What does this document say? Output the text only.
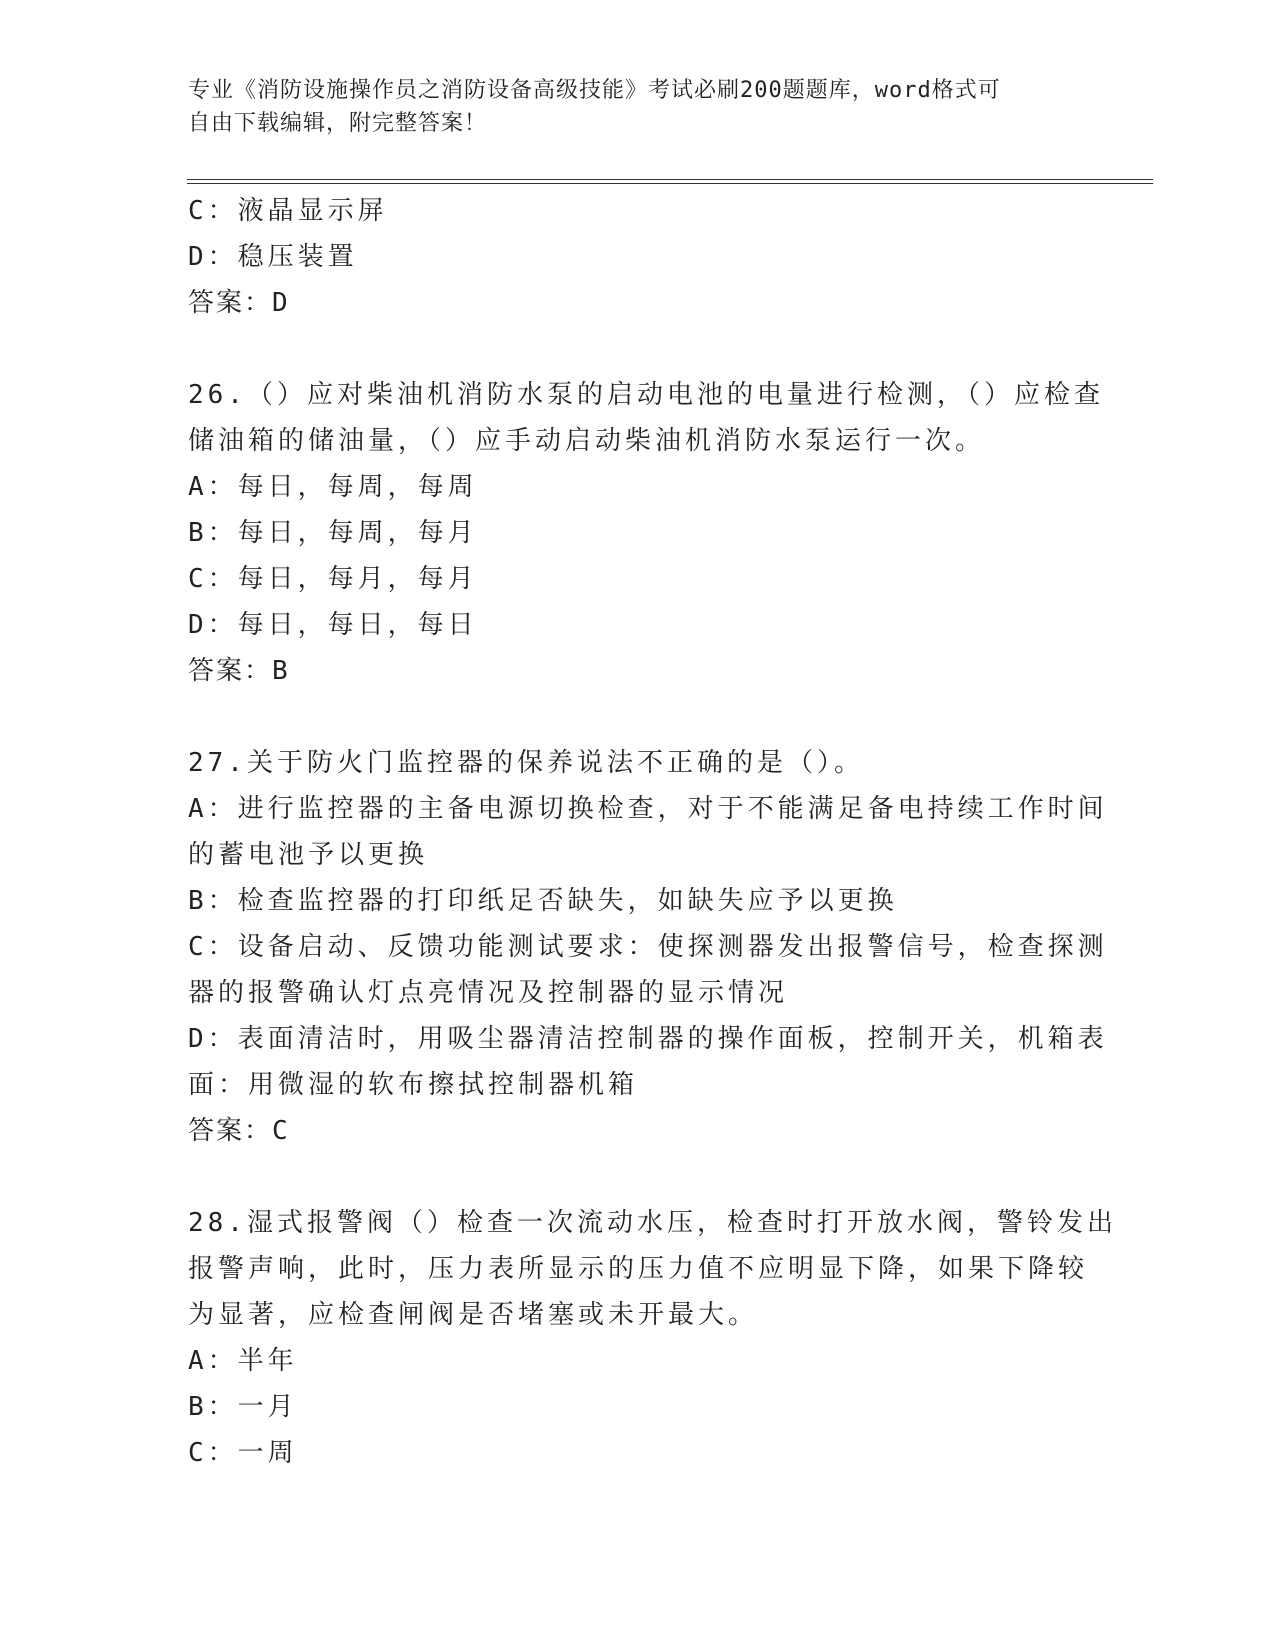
专业《消防设施操作员之消防设备高级技能》考试必刷200题题库，word格式可
自由下载编辑，附完整答案！
C：液晶显示屏
D：稳压装置
答案：D
26.（）应对柴油机消防水泵的启动电池的电量进行检测，（）应检查
储油箱的储油量，（）应手动启动柴油机消防水泵运行一次。
A：每日，每周，每周
B：每日，每周，每月
C：每日，每月，每月
D：每日，每日，每日
答案：B
27.关于防火门监控器的保养说法不正确的是（）。
A：进行监控器的主备电源切换检查，对于不能满足备电持续工作时间
的蓄电池予以更换
B：检查监控器的打印纸足否缺失，如缺失应予以更换
C：设备启动、反馈功能测试要求：使探测器发出报警信号，检查探测
器的报警确认灯点亮情况及控制器的显示情况
D：表面清洁时，用吸尘器清洁控制器的操作面板，控制开关，机箱表
面：用微湿的软布擦拭控制器机箱
答案：C
28.湿式报警阀（）检查一次流动水压，检查时打开放水阀，警铃发出
报警声响，此时，压力表所显示的压力值不应明显下降，如果下降较
为显著，应检查闸阀是否堵塞或未开最大。
A：半年
B：一月
C：一周
